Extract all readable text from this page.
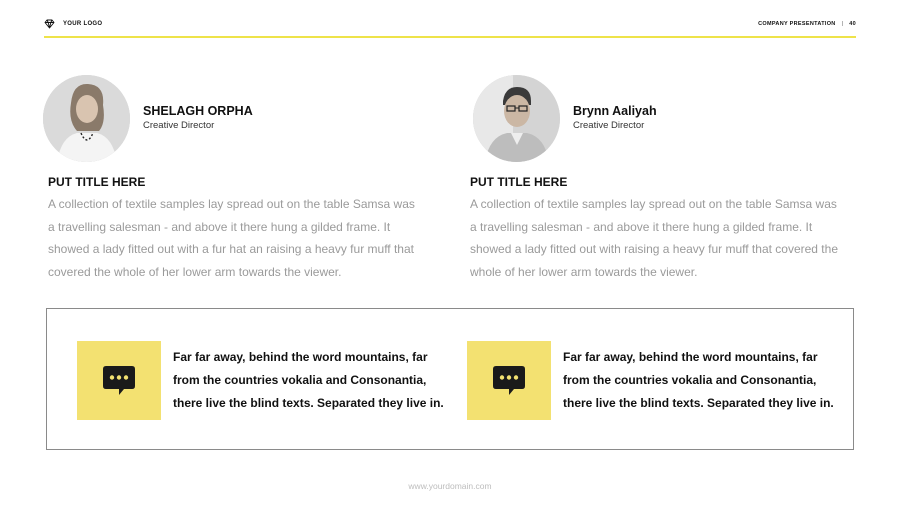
YOUR LOGO	COMPANY PRESENTATION | 40
SHELAGH ORPHA
Creative Director
PUT TITLE HERE
A collection of textile samples lay spread out on the table Samsa was
a travelling salesman - and above it there hung a gilded frame. It
showed a lady fitted out with a fur hat an raising a heavy fur muff that
covered the whole of her lower arm towards the viewer.
Brynn Aaliyah
Creative Director
PUT TITLE HERE
A collection of textile samples lay spread out on the table Samsa was
a travelling salesman - and above it there hung a gilded frame. It
showed a lady fitted out with raising a heavy fur muff that covered the
whole of her lower arm towards the viewer.
Far far away, behind the word mountains, far
from the countries vokalia and Consonantia,
there live the blind texts. Separated they live in.
Far far away, behind the word mountains, far
from the countries vokalia and Consonantia,
there live the blind texts. Separated they live in.
www.yourdomain.com
